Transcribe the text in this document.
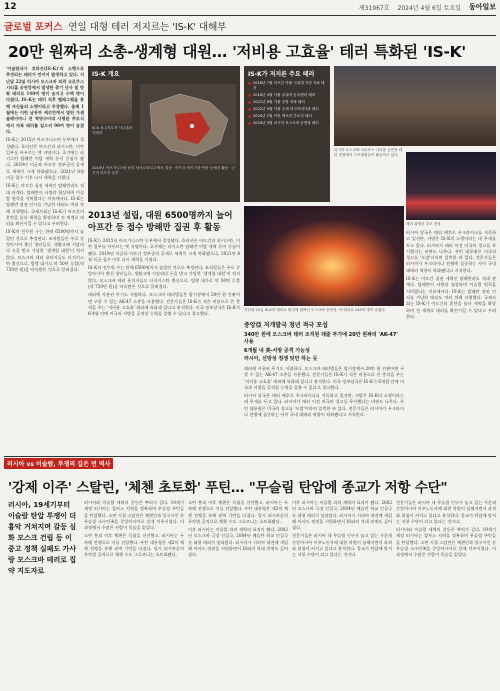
12	제31967호 2024년 4월 6일 토요일 동아일보
글로벌 포커스 연일 대형 테러 저지르는 'IS-K' 대해부
20만 원짜리 소총-생계형 대원… '저비용 고효율' 테러 특화된 'IS-K'

'이슬람국가 호라산(IS-K)'의 소행으로 추정되는 테러가 연이어 발생하고 있다. 지난달 22일 러시아 모스크바 외곽 크로쿠스 시티홀 공연장에서 발생한 총기 난사 및 방화 테러로 140여 명이 숨지고 수백 명이 다쳤다. IS-K는 테러 직후 텔레그램을 통해 자신들의 소행이라고 주장했다. 올해 1월에는 이란 남동부 케르만에서 열린 가셈 솔레이마니 전 혁명수비대 사령관 추모식에서 자폭 테러를 일으켜 90여 명이 숨졌다.

IS-K는 2015년 아프가니스탄 동부에서 결성됐다. 호라산은 아프간과 파키스탄, 이란 일부를 아우르는 옛 지명이다. 초기에는 파키스탄 탈레반 이탈 세력 등이 중심이 됐다. 2019년 미군과 아프간 정부군의 공세로 세력이 크게 약화됐으나, 2021년 8월 미군 철수 이후 다시 세력을 키웠다.

IS-K는 아프간 집권 세력인 탈레반과도 적대 관계다. 탈레반이 서방과 협상하며 이슬람 원칙을 저버렸다는 이유에서다. IS-K는 탈레반 정권 인사를 겨냥한 테러도 여러 차례 자행했다. 국제사회는 IS-K가 아프간의 혼란을 틈타 세력을 확장하며 전 세계로 테러를 확산시킬 수 있다고 우려한다.

IS-K의 전투원 수는 한때 6500명까지 늘었던 것으로 추정된다. 조직원들은 주로 중앙아시아 출신 청년들로, 생활고에 시달리다 돈을 받고 가담한 '생계형 대원'이 적지 않다. 모스크바 테러 용의자들도 타지키스탄 출신으로, 범행 대가로 약 50만 루블(약 730만 원)을 약속받은 것으로 알려졌다.

IS-K 개요
IS-K 최고지도자 사나울라 가파리
2015년 아프가니스탄 동부 낭가르하르주에서 결성 · 아프간·파키스탄·이란 등에서 활동 · 근거지 아프간 동부
IS-K가 저지른 주요 테러
2016년 7월 아프간 카불 시위대 겨냥 자폭 테러
2018년 4월 카불 유권자 등록센터 테러
2021년 8월 카불 공항 자폭 테러
2022년 9월 카불 주재 러시아대사관 테러
2024년 1월 이란 케르만 추모식 테러
2024년 3월 러시아 모스크바 공연장 테러
러시아 모스크바 크로쿠스 시티홀 공연장 테러 현장에서 구조대원들이 활동하고 있다.
테러 희생자 추모 현장
2013년 설립, 대원 6500명까지 늘어
아프간 등 접수 방해만 집권 후 활동

IS-K는 2015년 아프가니스탄 동부에서 결성됐다. 호라산은 아프간과 파키스탄, 이란 일부를 아우르는 옛 지명이다. 초기에는 파키스탄 탈레반 이탈 세력 등이 중심이 됐다. 2019년 미군과 아프간 정부군의 공세로 세력이 크게 약화됐으나, 2021년 8월 미군 철수 이후 다시 세력을 키웠다.

IS-K의 전투원 수는 한때 6500명까지 늘었던 것으로 추정된다. 조직원들은 주로 중앙아시아 출신 청년들로, 생활고에 시달리다 돈을 받고 가담한 '생계형 대원'이 적지 않다. 모스크바 테러 용의자들도 타지키스탄 출신으로, 범행 대가로 약 50만 루블(약 730만 원)을 약속받은 것으로 알려졌다.

테러에 사용된 무기도 저렴하다. 모스크바 테러범들은 암시장에서 20만 원 안팎이면 구할 수 있는 AK-47 소총을 사용했다. 전문가들은 IS-K가 적은 비용으로 큰 충격을 주는 '저비용 고효율' 테러에 특화돼 있다고 분석한다. 미국 정보당국은 IS-K가 6개월 안에 미국과 서방을 공격할 능력을 갖출 수 있다고 경고했다.

지난달 22일 IS-K의 테러로 불길에 휩싸인 모스크바 공연장. 이 테러로 140여 명이 숨졌다.

러시아 당국은 테러 배후로 우크라이나를 지목하고 있지만, 서방은 IS-K의 소행이라는 데 무게를 두고 있다. 러시아가 테러 이전 미국의 경고를 무시했다는 비판도 나온다. 푸틴 대통령은 미국의 경고를 '도발'이라며 일축한 바 있다. 전문가들은 러시아가 우크라이나 전쟁에 집중하는 사이 국내 대테러 역량이 약화됐다고 지적한다.

IS-K는 아프간 집권 세력인 탈레반과도 적대 관계다. 탈레반이 서방과 협상하며 이슬람 원칙을 저버렸다는 이유에서다. IS-K는 탈레반 정권 인사를 겨냥한 테러도 여러 차례 자행했다. 국제사회는 IS-K가 아프간의 혼란을 틈타 세력을 확장하며 전 세계로 테러를 확산시킬 수 있다고 우려한다.

중앙亞 저개발국 청년 적극 포섭
340만 원에 모스크바 테러 조직원 돼줄 부가에 20만 원짜리 'AK-47' 사용
6개월 내 美-서방 공격 가능성
러시아, 선방성 정쟁 탓만 하는 듯

테러에 사용된 무기도 저렴하다. 모스크바 테러범들은 암시장에서 20만 원 안팎이면 구할 수 있는 AK-47 소총을 사용했다. 전문가들은 IS-K가 적은 비용으로 큰 충격을 주는 '저비용 고효율' 테러에 특화돼 있다고 분석한다. 미국 정보당국은 IS-K가 6개월 안에 미국과 서방을 공격할 능력을 갖출 수 있다고 경고했다.

러시아 당국은 테러 배후로 우크라이나를 지목하고 있지만, 서방은 IS-K의 소행이라는 데 무게를 두고 있다. 러시아가 테러 이전 미국의 경고를 무시했다는 비판도 나온다. 푸틴 대통령은 미국의 경고를 '도발'이라며 일축한 바 있다. 전문가들은 러시아가 우크라이나 전쟁에 집중하는 사이 국내 대테러 역량이 약화됐다고 지적한다.

러시아 vs 이슬람, 투쟁의 길은 먼 역사
'강제 이주' 스탈린, '체첸 초토화' 푸틴… "무슬림 탄압에 종교가 저항 수단"
러시아, 19세기부터 이슬람 탄압 투쟁이 더 흉악 거쳐지며 갈등 심화 모스크 건립 등 이중고 정책 실패도 가사랑 모스크바 테러로 집약 지도자로

러시아와 이슬람 세력의 갈등은 뿌리가 깊다. 19세기 제정 러시아는 캅카스 지역을 정복하며 무슬림 주민들을 탄압했다. 소련 시절 스탈린은 체첸인과 잉구시인 등 무슬림 소수민족을 중앙아시아로 강제 이주시켰다. 이 과정에서 수많은 사람이 목숨을 잃었다.

소련 붕괴 이후 체첸은 독립을 선언했고, 러시아는 두 차례 전쟁으로 이를 진압했다. 푸틴 대통령은 제2차 체첸 전쟁을 통해 권력 기반을 다졌다. 당시 러시아군의 무차별 공격으로 체첸 수도 그로즈니는 초토화됐다.

소련 붕괴 이후 체첸은 독립을 선언했고, 러시아는 두 차례 전쟁으로 이를 진압했다. 푸틴 대통령은 제2차 체첸 전쟁을 통해 권력 기반을 다졌다. 당시 러시아군의 무차별 공격으로 체첸 수도 그로즈니는 초토화됐다.

이후 러시아는 이슬람 과격 세력의 표적이 됐다. 2002년 모스크바 극장 인질극, 2004년 베슬란 학교 인질극 등 대형 테러가 잇따랐다. 러시아가 시리아 내전에 개입해 아사드 정권을 지원하면서 IS와의 적대 관계도 깊어졌다.

이후 러시아는 이슬람 과격 세력의 표적이 됐다. 2002년 모스크바 극장 인질극, 2004년 베슬란 학교 인질극 등 대형 테러가 잇따랐다. 러시아가 시리아 내전에 개입해 아사드 정권을 지원하면서 IS와의 적대 관계도 깊어졌다.

전문가들은 러시아 내 무슬림 인구가 늘고 있는 가운데 중앙아시아 이주노동자에 대한 차별이 심해지면서 과격화 위험이 커지고 있다고 분석한다. 종교가 탄압에 맞서는 저항 수단이 되고 있다는 것이다.

전문가들은 러시아 내 무슬림 인구가 늘고 있는 가운데 중앙아시아 이주노동자에 대한 차별이 심해지면서 과격화 위험이 커지고 있다고 분석한다. 종교가 탄압에 맞서는 저항 수단이 되고 있다는 것이다.

러시아와 이슬람 세력의 갈등은 뿌리가 깊다. 19세기 제정 러시아는 캅카스 지역을 정복하며 무슬림 주민들을 탄압했다. 소련 시절 스탈린은 체첸인과 잉구시인 등 무슬림 소수민족을 중앙아시아로 강제 이주시켰다. 이 과정에서 수많은 사람이 목숨을 잃었다.
